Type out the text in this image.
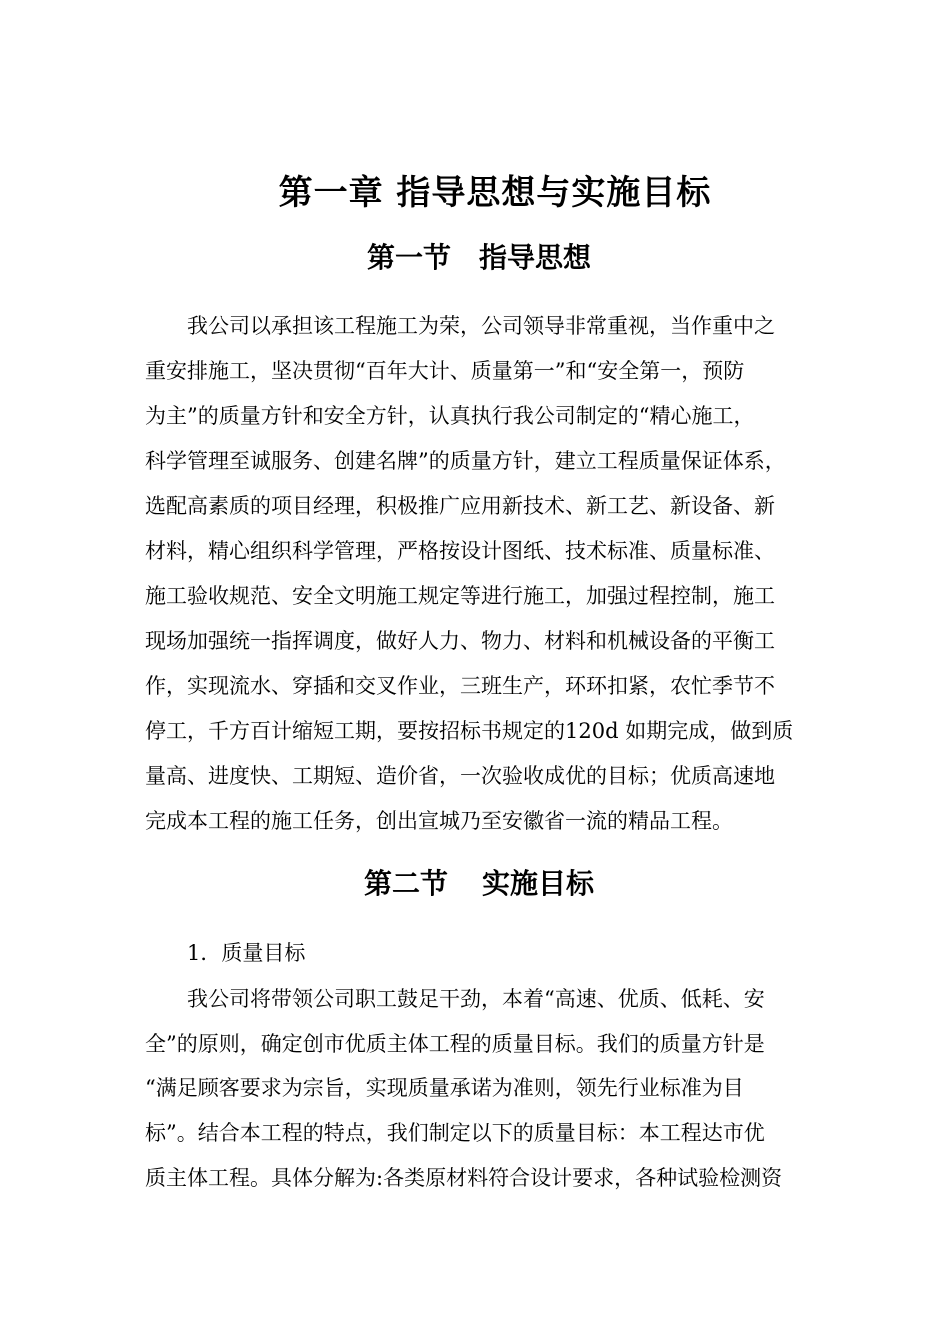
第一章 指导思想与实施目标
第一节 指导思想
我公司以承担该工程施工为荣，公司领导非常重视，当作重中之
重安排施工，坚决贯彻“百年大计、质量第一”和“安全第一，预防
为主”的质量方针和安全方针，认真执行我公司制定的“精心施工，
科学管理至诚服务、创建名牌”的质量方针，建立工程质量保证体系，
选配高素质的项目经理，积极推广应用新技术、新工艺、新设备、新
材料，精心组织科学管理，严格按设计图纸、技术标准、质量标准、
施工验收规范、安全文明施工规定等进行施工，加强过程控制，施工
现场加强统一指挥调度，做好人力、物力、材料和机械设备的平衡工
作，实现流水、穿插和交叉作业，三班生产，环环扣紧，农忙季节不
停工，千方百计缩短工期，要按招标书规定的120d 如期完成，做到质
量高、进度快、工期短、造价省，一次验收成优的目标；优质高速地
完成本工程的施工任务，创出宣城乃至安徽省一流的精品工程。
第二节 实施目标
1．质量目标
我公司将带领公司职工鼓足干劲，本着“高速、优质、低耗、安
全”的原则，确定创市优质主体工程的质量目标。我们的质量方针是
“满足顾客要求为宗旨，实现质量承诺为准则，领先行业标准为目
标”。结合本工程的特点，我们制定以下的质量目标：本工程达市优
质主体工程。具体分解为:各类原材料符合设计要求，各种试验检测资
